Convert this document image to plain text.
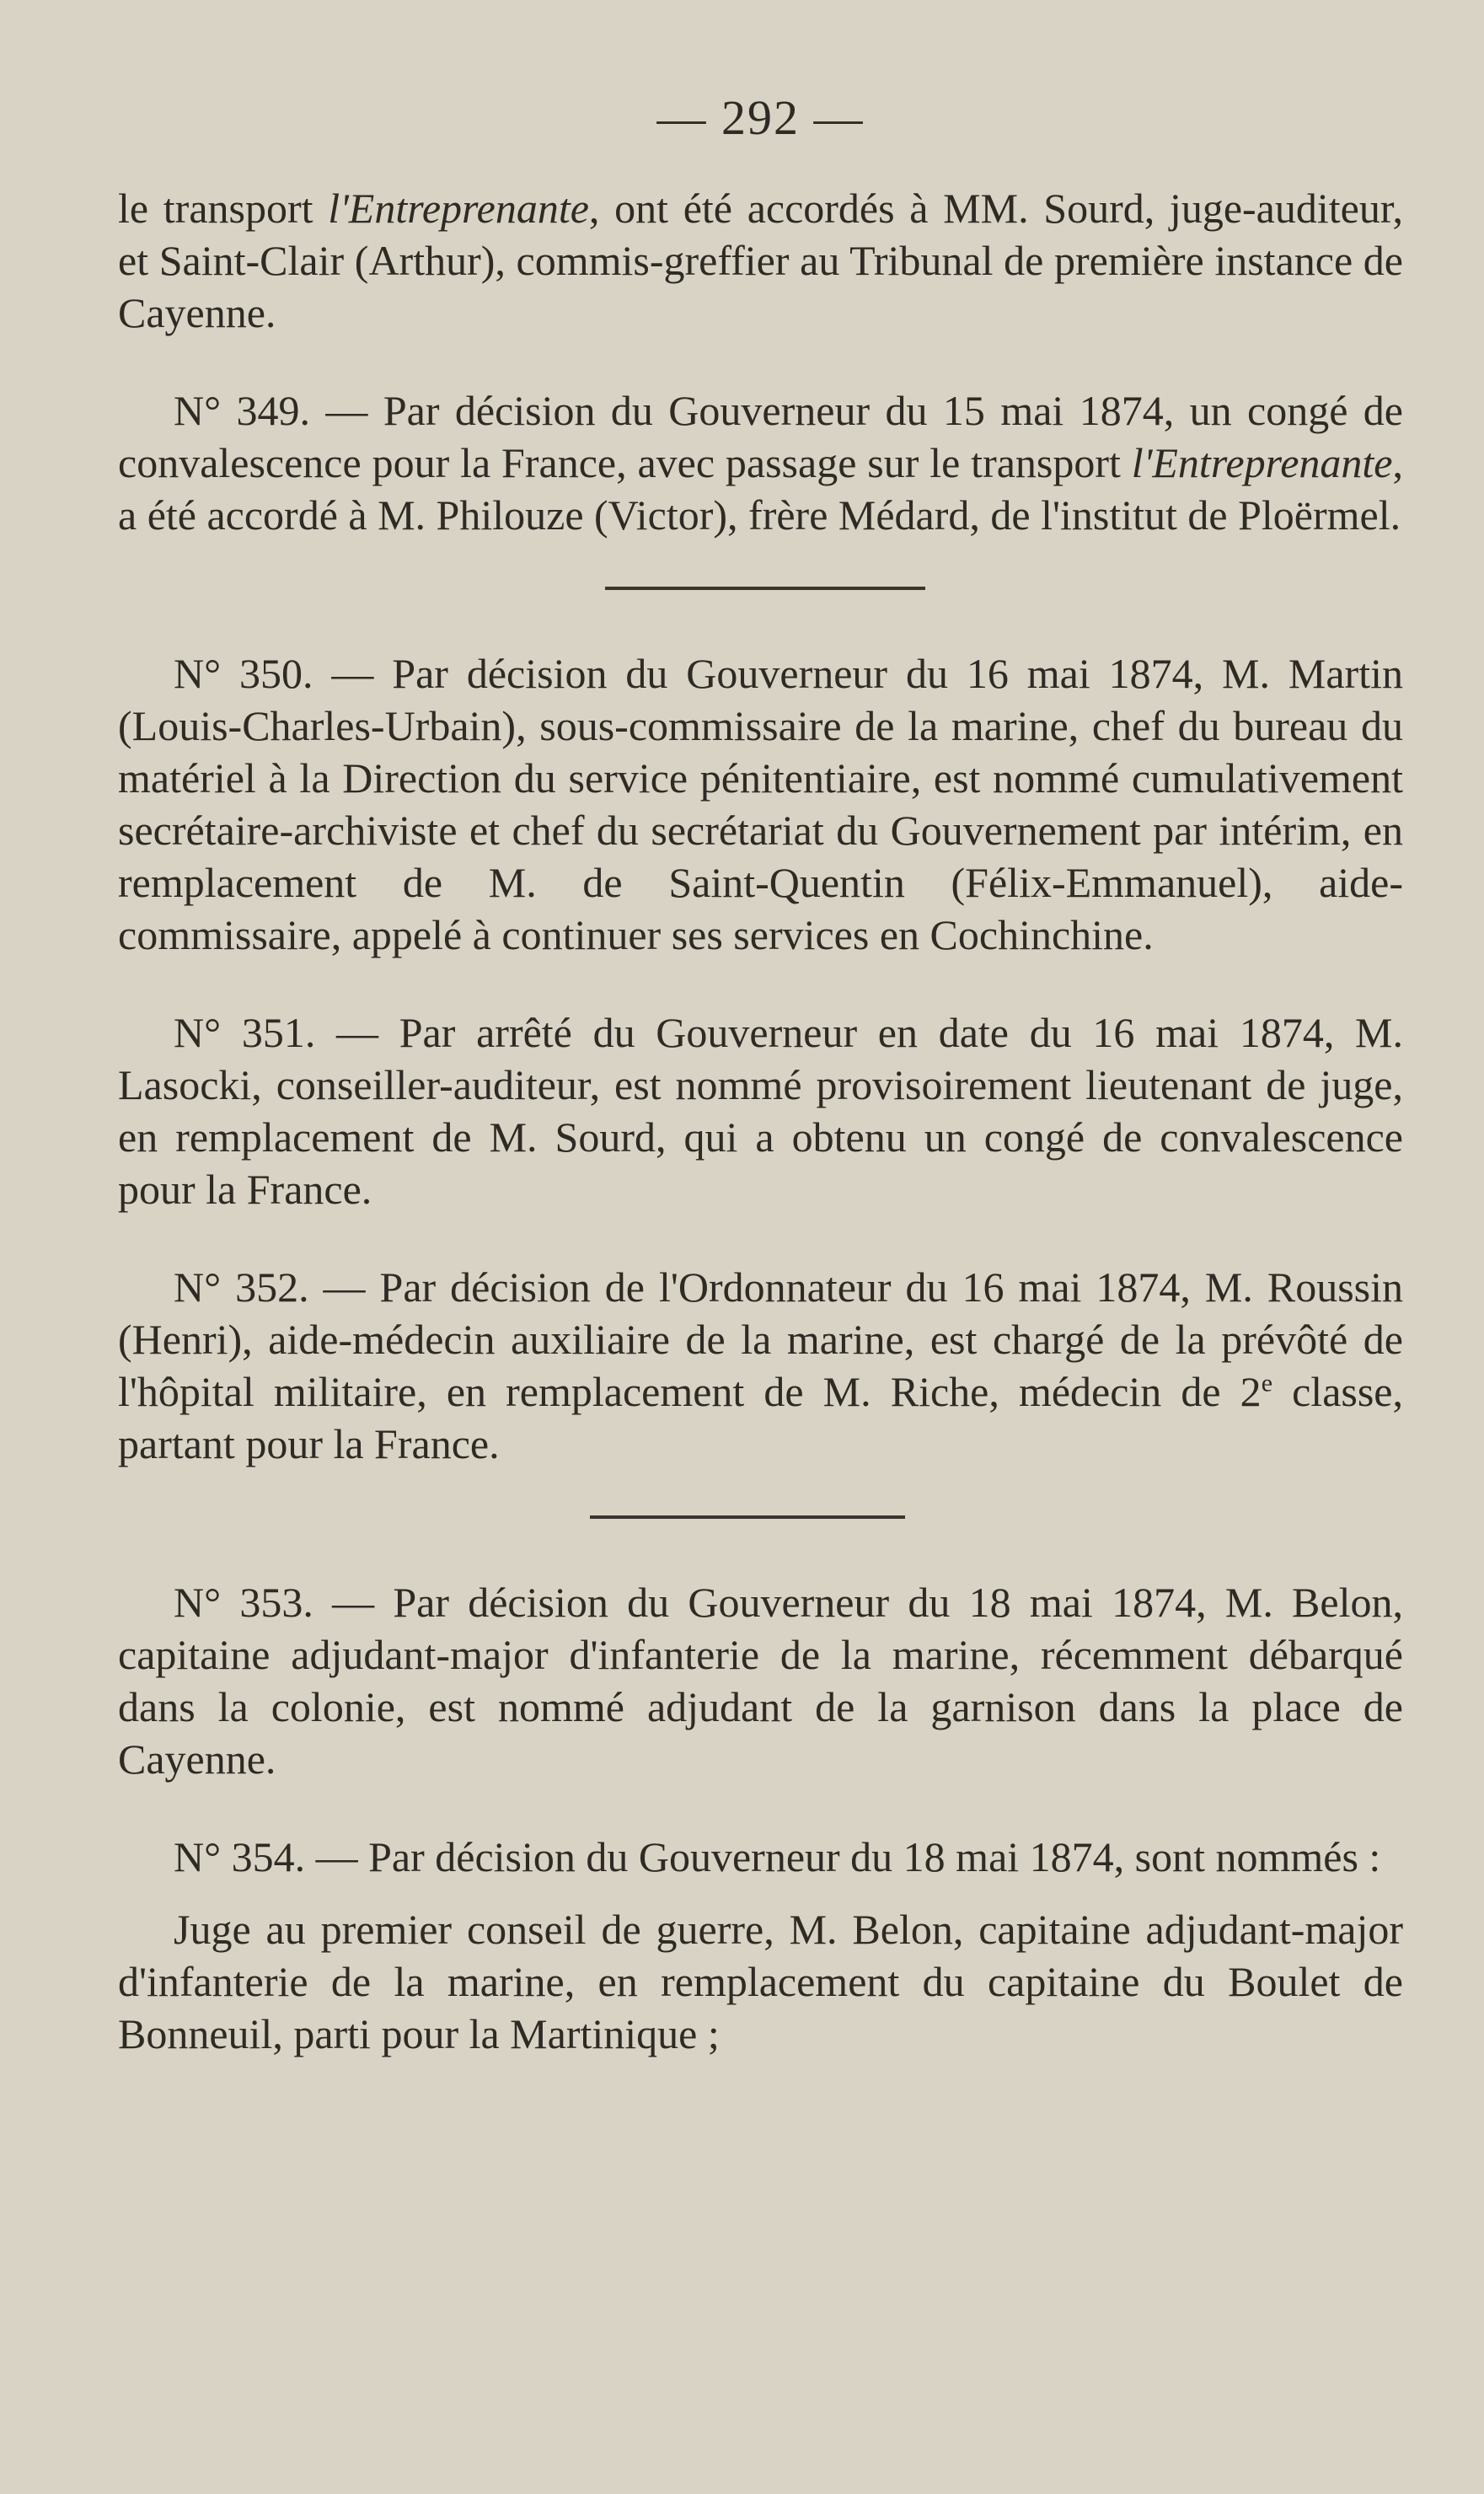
— 292 —

le transport l'Entreprenante, ont été accordés à MM. Sourd, juge-auditeur, et Saint-Clair (Arthur), commis-greffier au Tribunal de première instance de Cayenne.

N° 349. — Par décision du Gouverneur du 15 mai 1874, un congé de convalescence pour la France, avec passage sur le transport l'Entreprenante, a été accordé à M. Philouze (Victor), frère Médard, de l'institut de Ploërmel.

N° 350. — Par décision du Gouverneur du 16 mai 1874, M. Martin (Louis-Charles-Urbain), sous-commissaire de la marine, chef du bureau du matériel à la Direction du service pénitentiaire, est nommé cumulativement secrétaire-archiviste et chef du secrétariat du Gouvernement par intérim, en remplacement de M. de Saint-Quentin (Félix-Emmanuel), aide-commissaire, appelé à continuer ses services en Cochinchine.

N° 351. — Par arrêté du Gouverneur en date du 16 mai 1874, M. Lasocki, conseiller-auditeur, est nommé provisoirement lieutenant de juge, en remplacement de M. Sourd, qui a obtenu un congé de convalescence pour la France.

N° 352. — Par décision de l'Ordonnateur du 16 mai 1874, M. Roussin (Henri), aide-médecin auxiliaire de la marine, est chargé de la prévôté de l'hôpital militaire, en remplacement de M. Riche, médecin de 2e classe, partant pour la France.

N° 353. — Par décision du Gouverneur du 18 mai 1874, M. Belon, capitaine adjudant-major d'infanterie de la marine, récemment débarqué dans la colonie, est nommé adjudant de la garnison dans la place de Cayenne.

N° 354. — Par décision du Gouverneur du 18 mai 1874, sont nommés :

Juge au premier conseil de guerre, M. Belon, capitaine adjudant-major d'infanterie de la marine, en remplacement du capitaine du Boulet de Bonneuil, parti pour la Martinique ;
